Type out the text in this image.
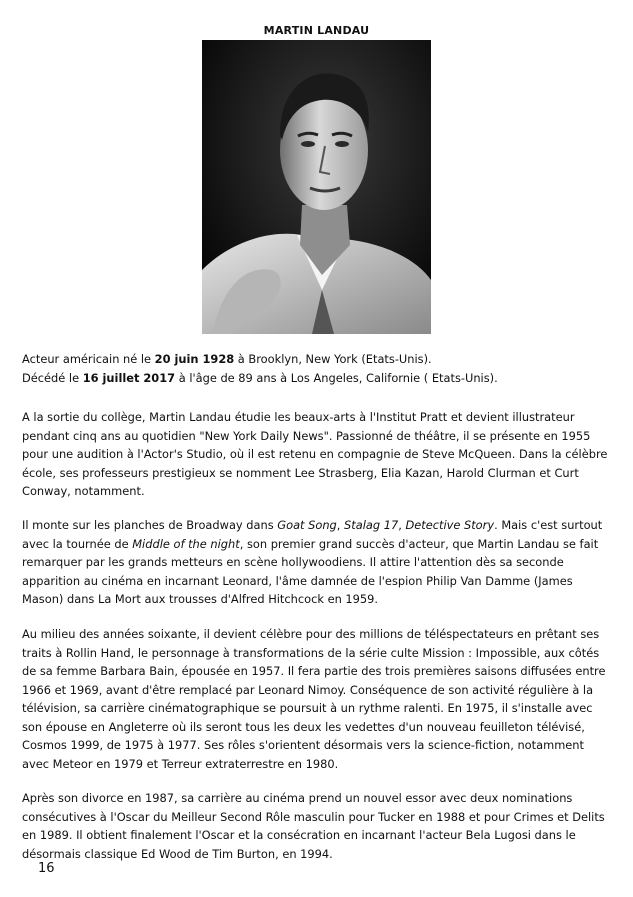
MARTIN LANDAU

Acteur américain né le 20 juin 1928 à Brooklyn, New York (Etats-Unis).

Décédé le 16 juillet 2017 à l'âge de 89 ans à Los Angeles, Californie ( Etats-Unis).

A la sortie du collège, Martin Landau étudie les beaux-arts à l'Institut Pratt et devient illustrateur pendant cinq ans au quotidien "New York Daily News". Passionné de théâtre, il se présente en 1955 pour une audition à l'Actor's Studio, où il est retenu en compagnie de Steve McQueen. Dans la célèbre école, ses professeurs prestigieux se nomment Lee Strasberg, Elia Kazan, Harold Clurman et Curt Conway, notamment.

Il monte sur les planches de Broadway dans Goat Song, Stalag 17, Detective Story. Mais c'est surtout avec la tournée de Middle of the night, son premier grand succès d'acteur, que Martin Landau se fait remarquer par les grands metteurs en scène hollywoodiens. Il attire l'attention dès sa seconde apparition au cinéma en incarnant Leonard, l'âme damnée de l'espion Philip Van Damme (James Mason) dans La Mort aux trousses d'Alfred Hitchcock en 1959.

Au milieu des années soixante, il devient célèbre pour des millions de téléspectateurs en prêtant ses traits à Rollin Hand, le personnage à transformations de la série culte Mission : Impossible, aux côtés de sa femme Barbara Bain, épousée en 1957. Il fera partie des trois premières saisons diffusées entre 1966 et 1969, avant d'être remplacé par Leonard Nimoy. Conséquence de son activité régulière à la télévision, sa carrière cinématographique se poursuit à un rythme ralenti. En 1975, il s'installe avec son épouse en Angleterre où ils seront tous les deux les vedettes d'un nouveau feuilleton télévisé, Cosmos 1999, de 1975 à 1977. Ses rôles s'orientent désormais vers la science-fiction, notamment avec Meteor en 1979 et Terreur extraterrestre en 1980.

Après son divorce en 1987, sa carrière au cinéma prend un nouvel essor avec deux nominations consécutives à l'Oscar du Meilleur Second Rôle masculin pour Tucker en 1988 et pour Crimes et Delits en 1989. Il obtient finalement l'Oscar et la consécration en incarnant l'acteur Bela Lugosi dans le désormais classique Ed Wood de Tim Burton, en 1994.

16
